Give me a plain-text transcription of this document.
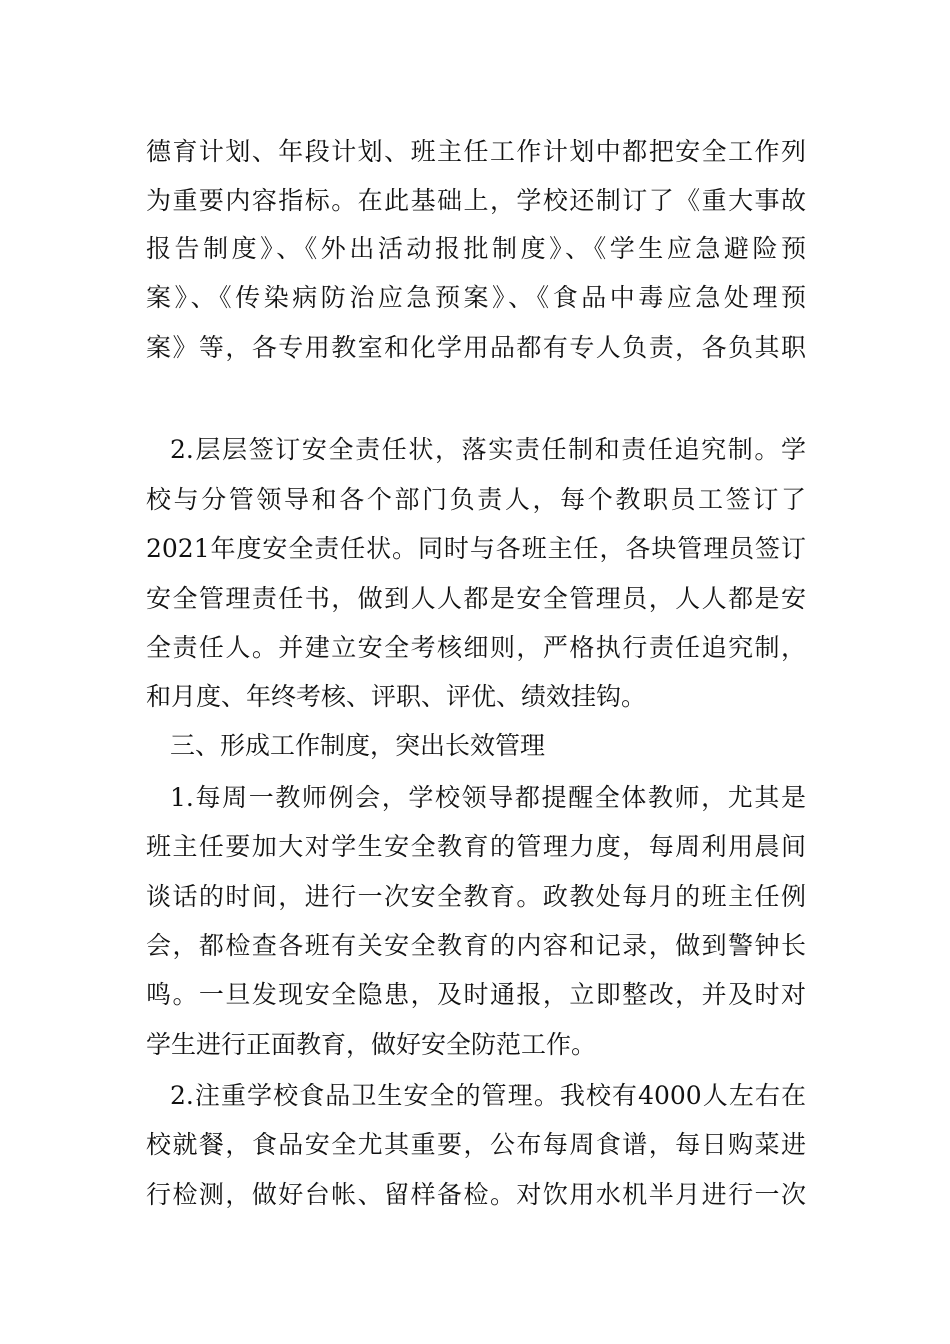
德育计划、年段计划、班主任工作计划中都把安全工作列
为重要内容指标。在此基础上，学校还制订了《重大事故
报告制度》、《外出活动报批制度》、《学生应急避险预
案》、《传染病防治应急预案》、《食品中毒应急处理预
案》等，各专用教室和化学用品都有专人负责，各负其职
2.层层签订安全责任状，落实责任制和责任追究制。学
校与分管领导和各个部门负责人，每个教职员工签订了
2021年度安全责任状。同时与各班主任，各块管理员签订
安全管理责任书，做到人人都是安全管理员，人人都是安
全责任人。并建立安全考核细则，严格执行责任追究制，
和月度、年终考核、评职、评优、绩效挂钩。
三、形成工作制度，突出长效管理
1.每周一教师例会，学校领导都提醒全体教师，尤其是
班主任要加大对学生安全教育的管理力度，每周利用晨间
谈话的时间，进行一次安全教育。政教处每月的班主任例
会，都检查各班有关安全教育的内容和记录，做到警钟长
鸣。一旦发现安全隐患，及时通报，立即整改，并及时对
学生进行正面教育，做好安全防范工作。
2.注重学校食品卫生安全的管理。我校有4000人左右在
校就餐，食品安全尤其重要，公布每周食谱，每日购菜进
行检测，做好台帐、留样备检。对饮用水机半月进行一次
